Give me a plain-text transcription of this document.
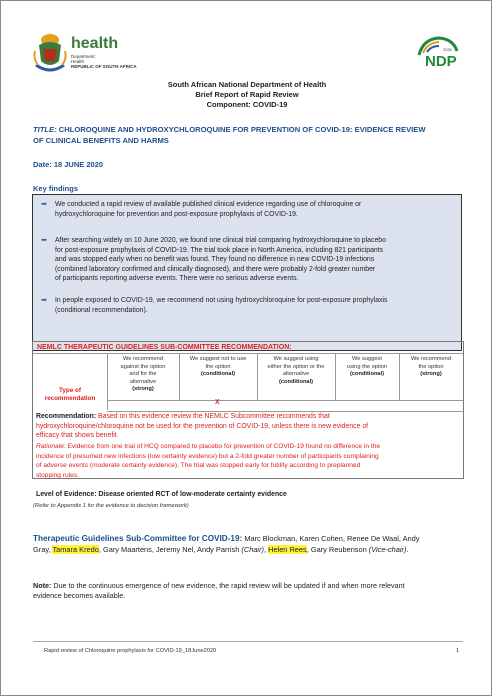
health
Department:
Health
REPUBLIC OF SOUTH AFRICA	NDP
2030
South African National Department of Health
Brief Report of Rapid Review
Component: COVID-19
TITLE: CHLOROQUINE AND HYDROXYCHLOROQUINE FOR PREVENTION OF COVID-19: EVIDENCE REVIEW
OF CLINICAL BENEFITS AND HARMS
Date: 18 JUNE 2020
Key findings
➡ We conducted a rapid review of available published clinical evidence regarding use of chloroquine or
hydroxychloroquine for prevention and post-exposure prophylaxis of COVID-19.
➡ After searching widely on 10 June 2020, we found one clinical trial comparing hydroxychloroquine to placebo
for post-exposure prophylaxis of COVID-19. The trial took place in North America, including 821 participants
and was stopped early when no benefit was found. They found no difference in new COVID-19 infections
(combined laboratory confirmed and clinically diagnosed), and there were probably 2-fold greater number
of participants reporting adverse events. There were no serious adverse events.
➡ In people exposed to COVID-19, we recommend not using hydroxychloroquine for post-exposure prophylaxis
(conditional recommendation).
NEMLC THERAPEUTIC GUIDELINES SUB-COMMITTEE RECOMMENDATION:
Type of
recommendation
We recommend
against the option
and for the
alternative
(strong)
We suggest not to use
the option
(conditional)
We suggest using
either the option or the
alternative
(conditional)
We suggest
using the option
(conditional)
We recommend
the option
(strong)
X
Recommendation: Based on this evidence review the NEMLC Subcommittee recommends that
hydroxychloroquine/chloroquine not be used for the prevention of COVID-19, unless there is new evidence of
efficacy that shows benefit.
Rationale: Evidence from one trial of HCQ compared to placebo for prevention of COVID-19 found no difference in the
incidence of presumed new infections (low certainty evidence) but a 2-fold greater number of participants complaining
of adverse events (moderate certainty evidence). The trial was stopped early for futility according to preplanned
stopping rules.
Level of Evidence: Disease oriented RCT of low-moderate certainty evidence
(Refer to Appendix 1 for the evidence to decision framework)
Therapeutic Guidelines Sub-Committee for COVID-19: Marc Blockman, Karen Cohen, Renee De Waal, Andy
Gray, Tamara Kredo, Gary Maartens, Jeremy Nel, Andy Parrish (Chair), Helen Rees, Gary Reubenson (Vice-chair).
Note: Due to the continuous emergence of new evidence, the rapid review will be updated if and when more relevant
evidence becomes available.
Rapid review of Chloroquine prophylaxis for COVID-19_18June2020	1
